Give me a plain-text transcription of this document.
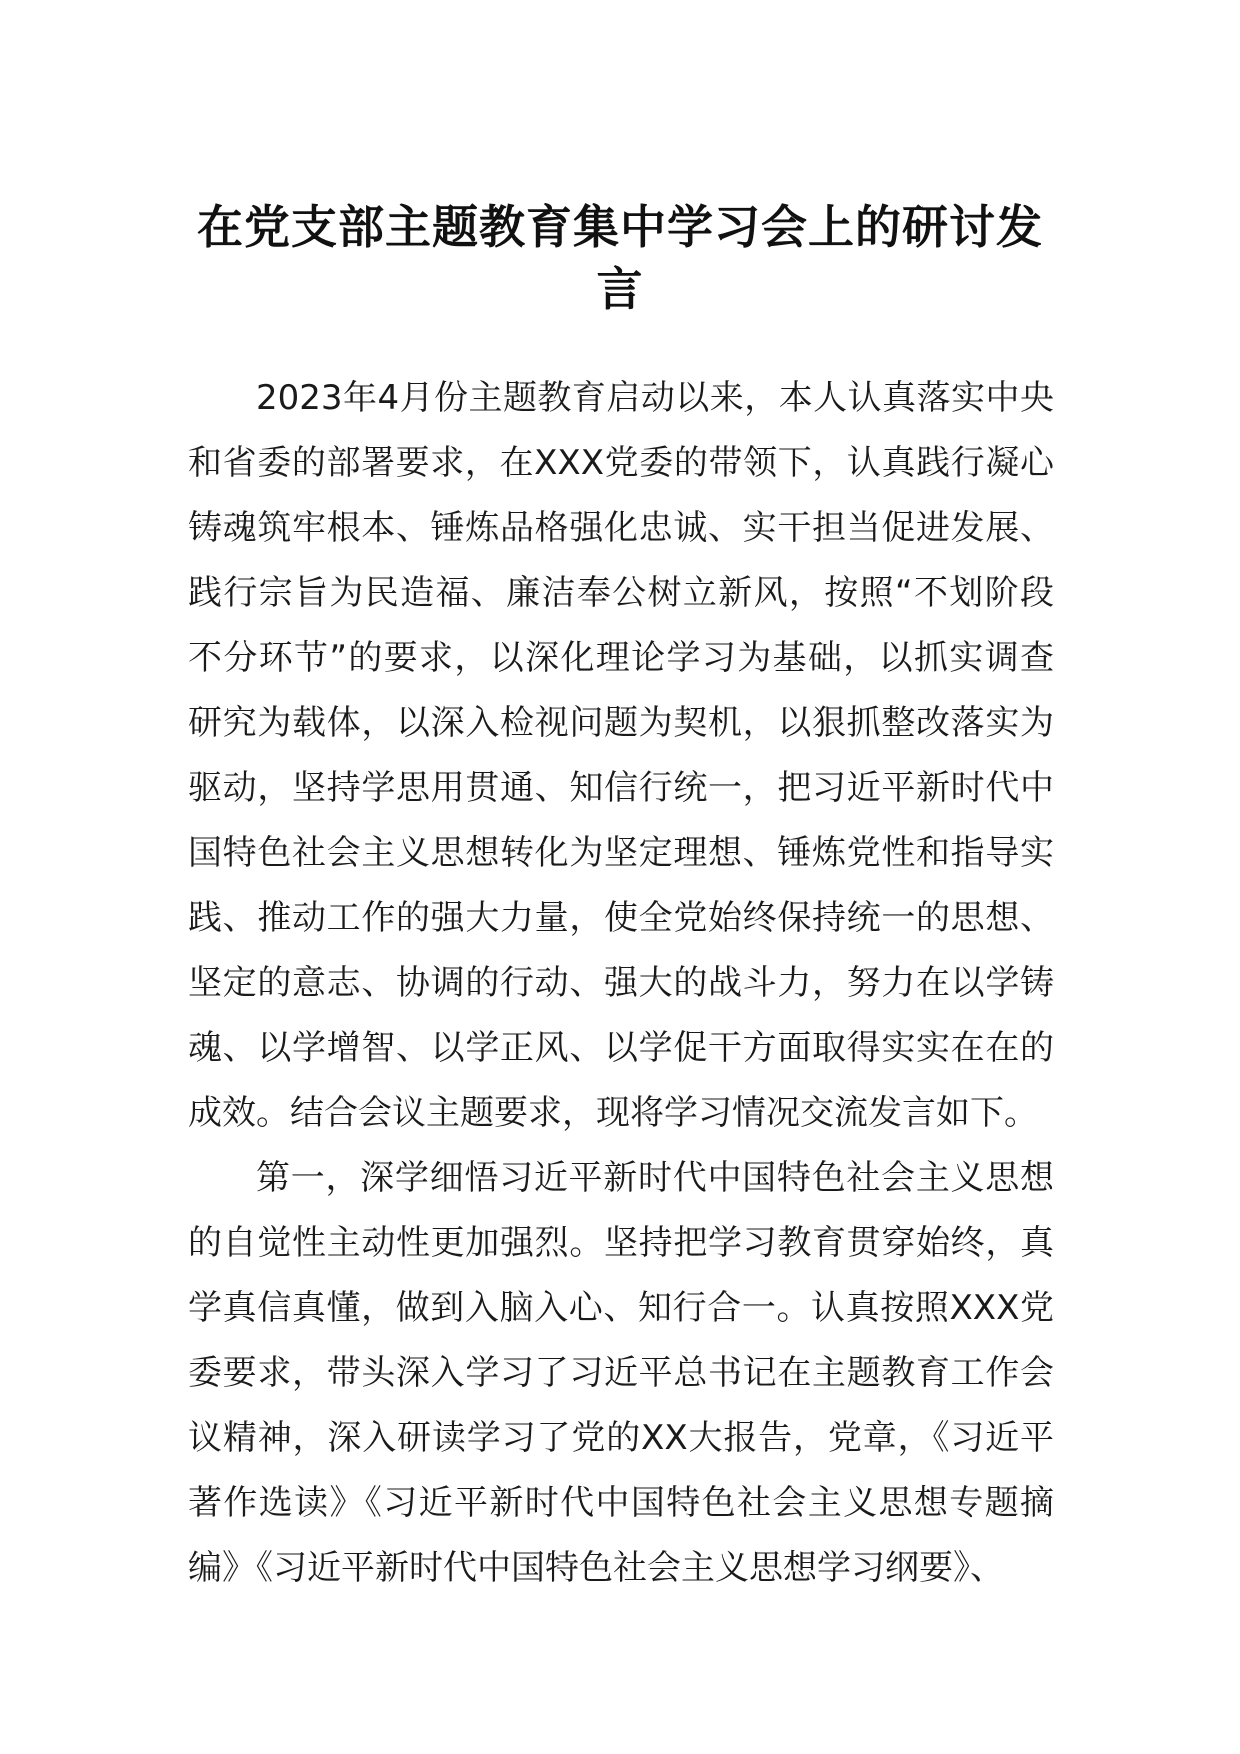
在党支部主题教育集中学习会上的研讨发言

2023年4月份主题教育启动以来，本人认真落实中央和省委的部署要求，在XXX党委的带领下，认真践行凝心铸魂筑牢根本、锤炼品格强化忠诚、实干担当促进发展、践行宗旨为民造福、廉洁奉公树立新风，按照“不划阶段不分环节”的要求，以深化理论学习为基础，以抓实调查研究为载体，以深入检视问题为契机，以狠抓整改落实为驱动，坚持学思用贯通、知信行统一，把习近平新时代中国特色社会主义思想转化为坚定理想、锤炼党性和指导实践、推动工作的强大力量，使全党始终保持统一的思想、坚定的意志、协调的行动、强大的战斗力，努力在以学铸魂、以学增智、以学正风、以学促干方面取得实实在在的成效。结合会议主题要求，现将学习情况交流发言如下。

第一，深学细悟习近平新时代中国特色社会主义思想的自觉性主动性更加强烈。坚持把学习教育贯穿始终，真学真信真懂，做到入脑入心、知行合一。认真按照XXX党委要求，带头深入学习了习近平总书记在主题教育工作会议精神，深入研读学习了党的XX大报告，党章，《习近平著作选读》《习近平新时代中国特色社会主义思想专题摘编》《习近平新时代中国特色社会主义思想学习纲要》、
